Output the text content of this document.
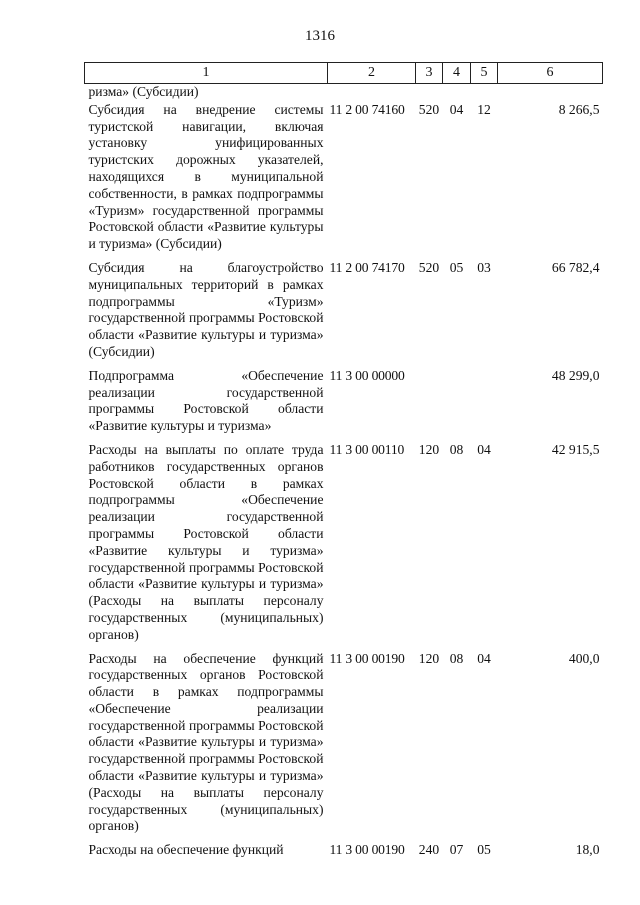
1316
1	2	3	4	5	6
ризма» (Субсидии)					
Субсидия на внедрение системы туристской навигации, включая установку унифицированных туристских дорожных указателей, находящихся в муниципальной собственности, в рамках подпрограммы «Туризм» государственной программы Ростовской области «Развитие культуры и туризма» (Субсидии)	11 2 00 74160	520	04	12	8 266,5
Субсидия на благоустройство муниципальных территорий в рамках подпрограммы «Туризм» государственной программы Ростовской области «Развитие культуры и туризма» (Субсидии)	11 2 00 74170	520	05	03	66 782,4
Подпрограмма «Обеспечение реализации государственной программы Ростовской области «Развитие культуры и туризма»	11 3 00 00000				48 299,0
Расходы на выплаты по оплате труда работников государственных органов Ростовской области в рамках подпрограммы «Обеспечение реализации государственной программы Ростовской области «Развитие культуры и туризма» государственной программы Ростовской области «Развитие культуры и туризма» (Расходы на выплаты персоналу государственных (муниципальных) органов)	11 3 00 00110	120	08	04	42 915,5
Расходы на обеспечение функций государственных органов Ростовской области в рамках подпрограммы «Обеспечение реализации государственной программы Ростовской области «Развитие культуры и туризма» государственной программы Ростовской области «Развитие культуры и туризма» (Расходы на выплаты персоналу государственных (муниципальных) органов)	11 3 00 00190	120	08	04	400,0
Расходы на обеспечение функций	11 3 00 00190	240	07	05	18,0
